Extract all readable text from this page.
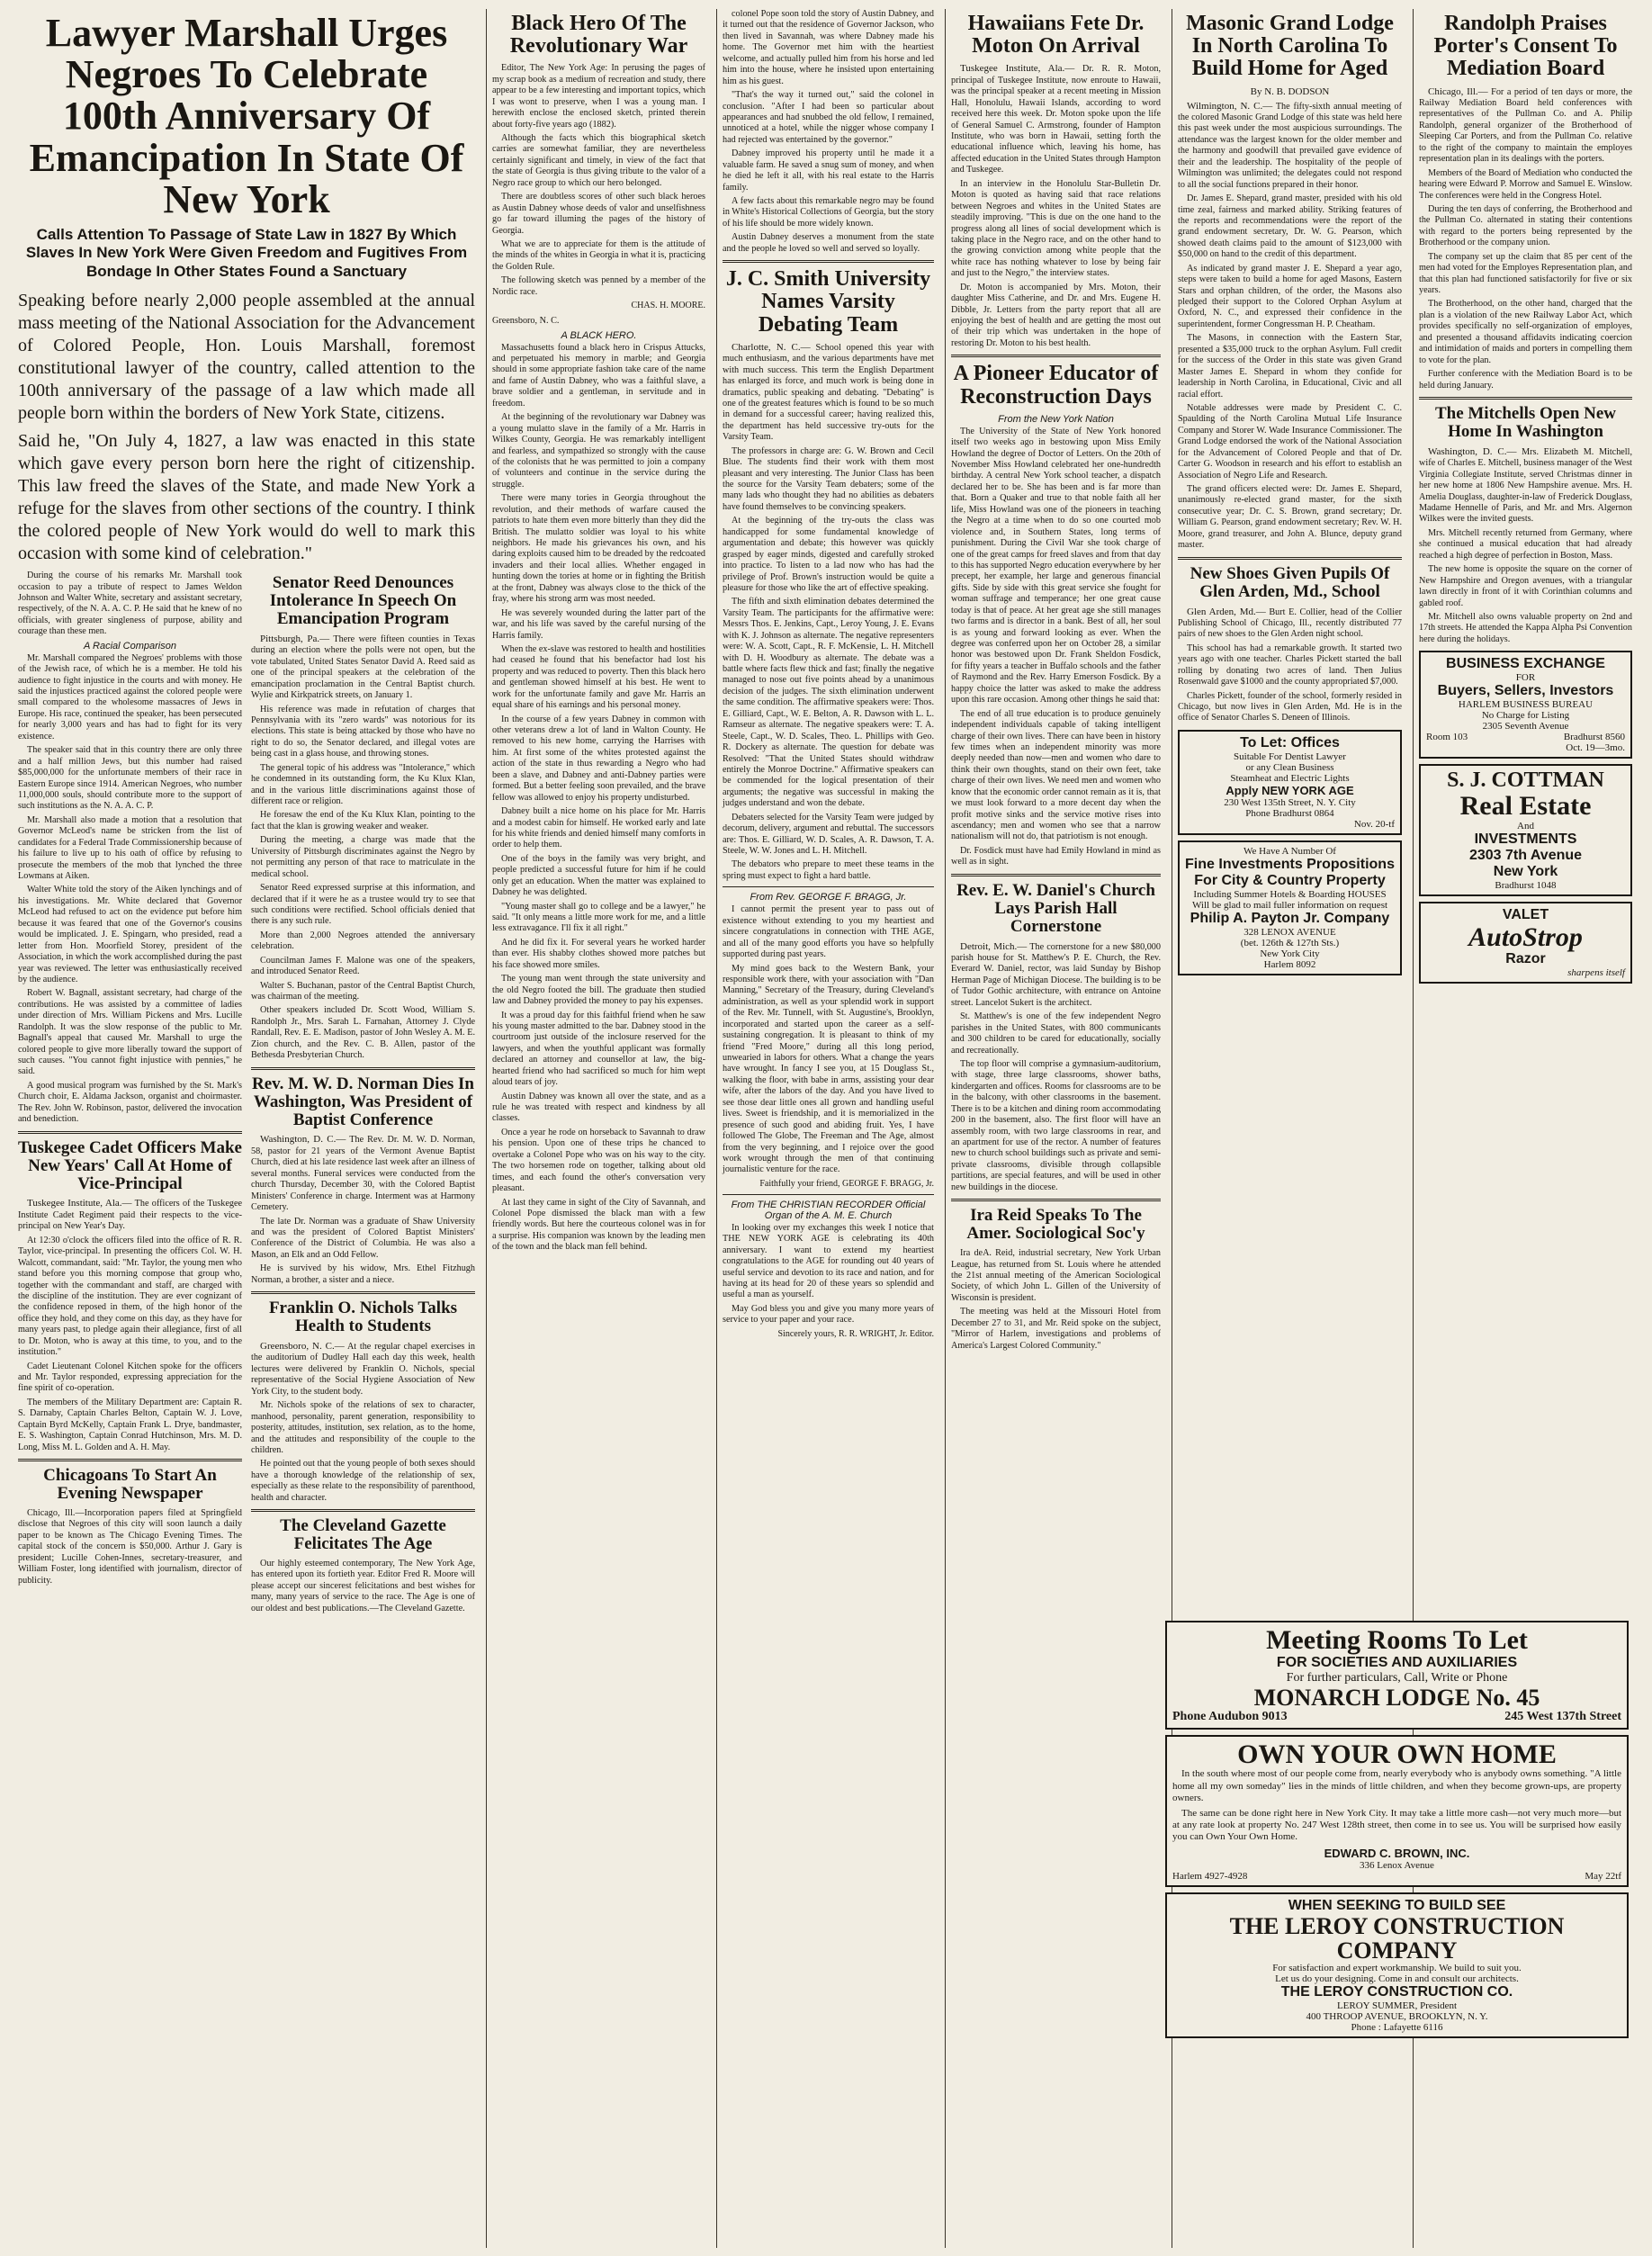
Lawyer Marshall Urges Negroes To Celebrate 100th Anniversary Of Emancipation In State Of New York
Calls Attention To Passage of State Law in 1827 By Which Slaves In New York Were Given Freedom and Fugitives From Bondage In Other States Found a Sanctuary

Speaking before nearly 2,000 people assembled at the annual mass meeting of the National Association for the Advancement of Colored People, Hon. Louis Marshall, foremost constitutional lawyer of the country, called attention to the 100th anniversary of the passage of a law which made all people born within the borders of New York State, citizens.

Said he, "On July 4, 1827, a law was enacted in this state which gave every person born here the right of citizenship. This law freed the slaves of the State, and made New York a refuge for the slaves from other sections of the country. I think the colored people of New York would do well to mark this occasion with some kind of celebration."

During the course of his remarks Mr. Marshall took occasion to pay a tribute of respect to James Weldon Johnson and Walter White, secretary and assistant secretary, respectively, of the N. A. A. C. P. He said that he knew of no officials, with greater singleness of purpose, ability and courage than these men.

A Racial Comparison

Mr. Marshall compared the Negroes' problems with those of the Jewish race, of which he is a member. He told his audience to fight injustice in the courts and with money. He said the injustices practiced against the colored people were small compared to the wholesome massacres of Jews in Europe. His race, continued the speaker, has been persecuted for nearly 3,000 years and has had to fight for its very existence.

The speaker said that in this country there are only three and a half million Jews, but this number had raised $85,000,000 for the unfortunate members of their race in Eastern Europe since 1914. American Negroes, who number 11,000,000 souls, should contribute more to the support of such institutions as the N. A. A. C. P.

Mr. Marshall also made a motion that a resolution that Governor McLeod's name be stricken from the list of candidates for a Federal Trade Commissionership because of his failure to live up to his oath of office by refusing to prosecute the members of the mob that lynched the three Lowmans at Aiken.

Walter White told the story of the Aiken lynchings and of his investigations. Mr. White declared that Governor McLeod had refused to act on the evidence put before him because it was feared that one of the Governor's cousins would be implicated. J. E. Spingarn, who presided, read a letter from Hon. Moorfield Storey, president of the Association, in which the work accomplished during the past year was reviewed. The letter was enthusiastically received by the audience.

Robert W. Bagnall, assistant secretary, had charge of the contributions. He was assisted by a committee of ladies under direction of Mrs. William Pickens and Mrs. Lucille Randolph. It was the slow response of the public to Mr. Bagnall's appeal that caused Mr. Marshall to urge the colored people to give more liberally toward the support of such causes. "You cannot fight injustice with pennies," he said.

A good musical program was furnished by the St. Mark's Church choir, E. Aldama Jackson, organist and choirmaster. The Rev. John W. Robinson, pastor, delivered the invocation and benediction.

Tuskegee Cadet Officers Make New Years' Call At Home of Vice-Principal

Tuskegee Institute, Ala.— The officers of the Tuskegee Institute Cadet Regiment paid their respects to the vice-principal on New Year's Day.

At 12:30 o'clock the officers filed into the office of R. R. Taylor, vice-principal. In presenting the officers Col. W. H. Walcott, commandant, said: "Mr. Taylor, the young men who stand before you this morning compose that group who, together with the commandant and staff, are charged with the discipline of the institution. They are ever cognizant of the confidence reposed in them, of the high honor of the office they hold, and they come on this day, as they have for many years past, to pledge again their allegiance, first of all to Dr. Moton, who is away at this time, to you, and to the institution."

Cadet Lieutenant Colonel Kitchen spoke for the officers and Mr. Taylor responded, expressing appreciation for the fine spirit of co-operation.

The members of the Military Department are: Captain R. S. Darnaby, Captain Charles Belton, Captain W. J. Love, Captain Byrd McKelly, Captain Frank L. Drye, bandmaster, E. S. Washington, Captain Conrad Hutchinson, Mrs. M. D. Long, Miss M. L. Golden and A. H. May.

Chicagoans To Start An Evening Newspaper

Chicago, Ill.—Incorporation papers filed at Springfield disclose that Negroes of this city will soon launch a daily paper to be known as The Chicago Evening Times. The capital stock of the concern is $50,000. Arthur J. Gary is president; Lucille Cohen-Innes, secretary-treasurer, and William Foster, long identified with journalism, director of publicity.

Senator Reed Denounces Intolerance In Speech On Emancipation Program

Pittsburgh, Pa.— There were fifteen counties in Texas during an election where the polls were not open, but the vote tabulated, United States Senator David A. Reed said as one of the principal speakers at the celebration of the emancipation proclamation in the Central Baptist church. Wylie and Kirkpatrick streets, on January 1.

His reference was made in refutation of charges that Pennsylvania with its "zero wards" was notorious for its elections. This state is being attacked by those who have no right to do so, the Senator declared, and illegal votes are being cast in a glass house, and throwing stones.

The general topic of his address was "Intolerance," which he condemned in its outstanding form, the Ku Klux Klan, and in the various little discriminations against those of different race or religion.

He foresaw the end of the Ku Klux Klan, pointing to the fact that the klan is growing weaker and weaker.

During the meeting, a charge was made that the University of Pittsburgh discriminates against the Negro by not permitting any person of that race to matriculate in the medical school.

Senator Reed expressed surprise at this information, and declared that if it were he as a trustee would try to see that such conditions were rectified. School officials denied that there is any such rule.

More than 2,000 Negroes attended the anniversary celebration.

Councilman James F. Malone was one of the speakers, and introduced Senator Reed.

Walter S. Buchanan, pastor of the Central Baptist Church, was chairman of the meeting.

Other speakers included Dr. Scott Wood, William S. Randolph Jr., Mrs. Sarah L. Farnahan, Attorney J. Clyde Randall, Rev. E. E. Madison, pastor of John Wesley A. M. E. Zion church, and the Rev. C. B. Allen, pastor of the Bethesda Presbyterian Church.

Rev. M. W. D. Norman Dies In Washington, Was President of Baptist Conference

Washington, D. C.— The Rev. Dr. M. W. D. Norman, 58, pastor for 21 years of the Vermont Avenue Baptist Church, died at his late residence last week after an illness of several months. Funeral services were conducted from the church Thursday, December 30, with the Colored Baptist Ministers' Conference in charge. Interment was at Harmony Cemetery.

The late Dr. Norman was a graduate of Shaw University and was the president of Colored Baptist Ministers' Conference of the District of Columbia. He was also a Mason, an Elk and an Odd Fellow.

He is survived by his widow, Mrs. Ethel Fitzhugh Norman, a brother, a sister and a niece.

Franklin O. Nichols Talks Health to Students

Greensboro, N. C.— At the regular chapel exercises in the auditorium of Dudley Hall each day this week, health lectures were delivered by Franklin O. Nichols, special representative of the Social Hygiene Association of New York City, to the student body.

Mr. Nichols spoke of the relations of sex to character, manhood, personality, parent generation, responsibility to posterity, attitudes, institution, sex relation, as to the home, and the attitudes and responsibility of the couple to the children.

He pointed out that the young people of both sexes should have a thorough knowledge of the relationship of sex, especially as these relate to the responsibility of parenthood, health and character.

The Cleveland Gazette Felicitates The Age

Our highly esteemed contemporary, The New York Age, has entered upon its fortieth year. Editor Fred R. Moore will please accept our sincerest felicitations and best wishes for many, many years of service to the race. The Age is one of our oldest and best publications.—The Cleveland Gazette.

Black Hero Of The Revolutionary War

Editor, The New York Age: In perusing the pages of my scrap book as a medium of recreation and study, there appear to be a few interesting and important topics, which I was wont to preserve, when I was a young man. I herewith enclose the enclosed sketch, printed therein about forty-five years ago (1882).

Although the facts which this biographical sketch carries are somewhat familiar, they are nevertheless certainly significant and timely, in view of the fact that the state of Georgia is thus giving tribute to the valor of a Negro race group to which our hero belonged.

There are doubtless scores of other such black heroes as Austin Dabney whose deeds of valor and unselfishness go far toward illuming the pages of the history of Georgia.

What we are to appreciate for them is the attitude of the minds of the whites in Georgia in what it is, practicing the Golden Rule.

The following sketch was penned by a member of the Nordic race.

CHAS. H. MOORE.

Greensboro, N. C.

A BLACK HERO.

Massachusetts found a black hero in Crispus Attucks, and perpetuated his memory in marble; and Georgia should in some appropriate fashion take care of the name and fame of Austin Dabney, who was a faithful slave, a brave soldier and a gentleman, in servitude and in freedom.

At the beginning of the revolutionary war Dabney was a young mulatto slave in the family of a Mr. Harris in Wilkes County, Georgia. He was remarkably intelligent and fearless, and sympathized so strongly with the cause of the colonists that he was permitted to join a company of volunteers and continue in the service during the struggle.

There were many tories in Georgia throughout the revolution, and their methods of warfare caused the patriots to hate them even more bitterly than they did the British. The mulatto soldier was loyal to his white neighbors. He made his grievances his own, and his daring exploits caused him to be dreaded by the redcoated invaders and their local allies. Whether engaged in hunting down the tories at home or in fighting the British at the front, Dabney was always close to the thick of the fray, where his strong arm was most needed.

He was severely wounded during the latter part of the war, and his life was saved by the careful nursing of the Harris family.

When the ex-slave was restored to health and hostilities had ceased he found that his benefactor had lost his property and was reduced to poverty. Then this black hero and gentleman showed himself at his best. He went to work for the unfortunate family and gave Mr. Harris an equal share of his earnings and his personal money.

In the course of a few years Dabney in common with other veterans drew a lot of land in Walton County. He removed to his new home, carrying the Harrises with him. At first some of the whites protested against the action of the state in thus rewarding a Negro who had been a slave, and Dabney and anti-Dabney parties were formed. But a better feeling soon prevailed, and the brave fellow was allowed to enjoy his property undisturbed.

Dabney built a nice home on his place for Mr. Harris and a modest cabin for himself. He worked early and late for his white friends and denied himself many comforts in order to help them.

One of the boys in the family was very bright, and people predicted a successful future for him if he could only get an education. When the matter was explained to Dabney he was delighted.

"Young master shall go to college and be a lawyer," he said. "It only means a little more work for me, and a little less extravagance. I'll fix it all right."

And he did fix it. For several years he worked harder than ever. His shabby clothes showed more patches but his face showed more smiles.

The young man went through the state university and the old Negro footed the bill. The graduate then studied law and Dabney provided the money to pay his expenses.

It was a proud day for this faithful friend when he saw his young master admitted to the bar. Dabney stood in the courtroom just outside of the inclosure reserved for the lawyers, and when the youthful applicant was formally declared an attorney and counsellor at law, the big-hearted friend who had sacrificed so much for him wept aloud tears of joy.

Austin Dabney was known all over the state, and as a rule he was treated with respect and kindness by all classes.

Once a year he rode on horseback to Savannah to draw his pension. Upon one of these trips he chanced to overtake a Colonel Pope who was on his way to the city. The two horsemen rode on together, talking about old times, and each found the other's conversation very pleasant.

At last they came in sight of the City of Savannah, and Colonel Pope dismissed the black man with a few friendly words. But here the courteous colonel was in for a surprise. His companion was known by the leading men of the town and the black man fell behind.

colonel Pope soon told the story of Austin Dabney, and it turned out that the residence of Governor Jackson, who then lived in Savannah, was where Dabney made his home. The Governor met him with the heartiest welcome, and actually pulled him from his horse and led him into the house, where he insisted upon entertaining him as his guest.

"That's the way it turned out," said the colonel in conclusion. "After I had been so particular about appearances and had snubbed the old fellow, I remained, unnoticed at a hotel, while the nigger whose company I had rejected was entertained by the governor."

Dabney improved his property until he made it a valuable farm. He saved a snug sum of money, and when he died he left it all, with his real estate to the Harris family.

A few facts about this remarkable negro may be found in White's Historical Collections of Georgia, but the story of his life should be more widely known.

Austin Dabney deserves a monument from the state and the people he loved so well and served so loyally.

J. C. Smith University Names Varsity Debating Team

Charlotte, N. C.— School opened this year with much enthusiasm, and the various departments have met with much success. This term the English Department has enlarged its force, and much work is being done in dramatics, public speaking and debating. "Debating" is one of the greatest features which is found to be so much in demand for a successful career; having realized this, the department has held successive try-outs for the Varsity Team.

The professors in charge are: G. W. Brown and Cecil Blue. The students find their work with them most pleasant and very interesting. The Junior Class has been the source for the Varsity Team debaters; some of the many lads who thought they had no abilities as debaters have found themselves to be convincing speakers.

At the beginning of the try-outs the class was handicapped for some fundamental knowledge of argumentation and debate; this however was quickly grasped by eager minds, digested and carefully stroked into practice. To listen to a lad now who has had the privilege of Prof. Brown's instruction would be quite a pleasure for those who like the art of effective speaking.

The fifth and sixth elimination debates determined the Varsity Team. The participants for the affirmative were: Messrs Thos. E. Jenkins, Capt., Leroy Young, J. E. Evans with K. J. Johnson as alternate. The negative representers were: W. A. Scott, Capt., R. F. McKensie, L. H. Mitchell with D. H. Woodbury as alternate. The debate was a battle where facts flew thick and fast; finally the negative managed to nose out five points ahead by a unanimous decision of the judges. The sixth elimination underwent the same condition. The affirmative speakers were: Thos. E. Gilliard, Capt., W. E. Belton, A. R. Dawson with L. L. Ramseur as alternate. The negative speakers were: T. A. Steele, Capt., W. D. Scales, Theo. L. Phillips with Geo. R. Dockery as alternate. The question for debate was Resolved: "That the United States should withdraw entirely the Monroe Doctrine." Affirmative speakers can be commended for the logical presentation of their arguments; the negative was successful in making the judges understand and won the debate.

Debaters selected for the Varsity Team were judged by decorum, delivery, argument and rebuttal. The successors are: Thos. E. Gilliard, W. D. Scales, A. R. Dawson, T. A. Steele, W. W. Jones and L. H. Mitchell.

The debators who prepare to meet these teams in the spring must expect to fight a hard battle.

From Rev. GEORGE F. BRAGG, Jr.

I cannot permit the present year to pass out of existence without extending to you my heartiest and sincere congratulations in connection with THE AGE, and all of the many good efforts you have so helpfully supported during past years.

My mind goes back to the Western Bank, your responsible work there, with your association with "Dan Manning," Secretary of the Treasury, during Cleveland's administration, as well as your splendid work in support of the Rev. Mr. Tunnell, with St. Augustine's, Brooklyn, incorporated and started upon the career as a self-sustaining congregation. It is pleasant to think of my friend "Fred Moore," during all this long period, unwearied in labors for others. What a change the years have wrought. In fancy I see you, at 15 Douglass St., walking the floor, with babe in arms, assisting your dear wife, after the labors of the day. And you have lived to see those dear little ones all grown and handling useful lives. Sweet is friendship, and it is memorialized in the presence of such good and abiding fruit. Yes, I have followed The Globe, The Freeman and The Age, almost from the very beginning, and I rejoice over the good work wrought through the men of that continuing journalistic venture for the race.

Faithfully your friend, GEORGE F. BRAGG, Jr.
From THE CHRISTIAN RECORDER Official Organ of the A. M. E. Church

In looking over my exchanges this week I notice that THE NEW YORK AGE is celebrating its 40th anniversary. I want to extend my heartiest congratulations to the AGE for rounding out 40 years of useful service and devotion to its race and nation, and for having at its head for 20 of these years so splendid and useful a man as yourself.

May God bless you and give you many more years of service to your paper and your race.

Sincerely yours, R. R. WRIGHT, Jr. Editor.
Hawaiians Fete Dr. Moton On Arrival

Tuskegee Institute, Ala.— Dr. R. R. Moton, principal of Tuskegee Institute, now enroute to Hawaii, was the principal speaker at a recent meeting in Mission Hall, Honolulu, Hawaii Islands, according to word received here this week. Dr. Moton spoke upon the life of General Samuel C. Armstrong, founder of Hampton Institute, who was born in Hawaii, setting forth the educational influence which, leaving his home, has affected education in the United States through Hampton and Tuskegee.

In an interview in the Honolulu Star-Bulletin Dr. Moton is quoted as having said that race relations between Negroes and whites in the United States are steadily improving. "This is due on the one hand to the progress along all lines of social development which is taking place in the Negro race, and on the other hand to the growing conviction among white people that the white race has nothing whatever to lose by being fair and just to the Negro," the interview states.

Dr. Moton is accompanied by Mrs. Moton, their daughter Miss Catherine, and Dr. and Mrs. Eugene H. Dibble, Jr. Letters from the party report that all are enjoying the best of health and are getting the most out of their trip which was undertaken in the hope of restoring Dr. Moton to his best health.

A Pioneer Educator of Reconstruction Days
From the New York Nation

The University of the State of New York honored itself two weeks ago in bestowing upon Miss Emily Howland the degree of Doctor of Letters. On the 20th of November Miss Howland celebrated her one-hundredth birthday. A central New York school teacher, a dispatch declared her to be. She has been and is far more than that. Born a Quaker and true to that noble faith all her life, Miss Howland was one of the pioneers in teaching the Negro at a time when to do so one courted mob violence and, in Southern States, long terms of punishment. During the Civil War she took charge of one of the great camps for freed slaves and from that day to this has supported Negro education everywhere by her precept, her example, her large and generous financial gifts. Side by side with this great service she fought for woman suffrage and temperance; her one great cause today is that of peace. At her great age she still manages two farms and is director in a bank. Best of all, her soul is as young and forward looking as ever. When the degree was conferred upon her on October 28, a similar honor was bestowed upon Dr. Frank Sheldon Fosdick, for fifty years a teacher in Buffalo schools and the father of Raymond and the Rev. Harry Emerson Fosdick. By a happy choice the latter was asked to make the address upon this rare occasion. Among other things he said that:

The end of all true education is to produce genuinely independent individuals capable of taking intelligent charge of their own lives. There can have been in history few times when an independent minority was more deeply needed than now—men and women who dare to think their own thoughts, stand on their own feet, take charge of their own lives. We need men and women who know that the economic order cannot remain as it is, that we must look forward to a more decent day when the profit motive sinks and the service motive rises into ascendancy; men and women who see that a narrow nationalism will not do, that patriotism is not enough.

Dr. Fosdick must have had Emily Howland in mind as well as in sight.

Rev. E. W. Daniel's Church Lays Parish Hall Cornerstone

Detroit, Mich.— The cornerstone for a new $80,000 parish house for St. Matthew's P. E. Church, the Rev. Everard W. Daniel, rector, was laid Sunday by Bishop Herman Page of Michigan Diocese. The building is to be of Tudor Gothic architecture, with entrance on Antoine street. Lancelot Sukert is the architect.

St. Matthew's is one of the few independent Negro parishes in the United States, with 800 communicants and 300 children to be cared for educationally, socially and recreationally.

The top floor will comprise a gymnasium-auditorium, with stage, three large classrooms, shower baths, kindergarten and offices. Rooms for classrooms are to be in the balcony, with other classrooms in the basement. There is to be a kitchen and dining room accommodating 200 in the basement, also. The first floor will have an assembly room, with two large classrooms in rear, and an apartment for use of the rector. A number of features new to church school buildings such as private and semi-private classrooms, divisible through collapsible partitions, are special features, and will be used in other new buildings in the diocese.

Ira Reid Speaks To The Amer. Sociological Soc'y

Ira deA. Reid, industrial secretary, New York Urban League, has returned from St. Louis where he attended the 21st annual meeting of the American Sociological Society, of which John L. Gillen of the University of Wisconsin is president.

The meeting was held at the Missouri Hotel from December 27 to 31, and Mr. Reid spoke on the subject, "Mirror of Harlem, investigations and problems of America's Largest Colored Community."

Masonic Grand Lodge In North Carolina To Build Home for Aged
By N. B. DODSON

Wilmington, N. C.— The fifty-sixth annual meeting of the colored Masonic Grand Lodge of this state was held here this past week under the most auspicious surroundings. The attendance was the largest known for the older member and the harmony and goodwill that prevailed gave evidence of their and the leadership. The hospitality of the people of Wilmington was unlimited; the delegates could not respond to all the social functions prepared in their honor.

Dr. James E. Shepard, grand master, presided with his old time zeal, fairness and marked ability. Striking features of the reports and recommendations were the report of the grand endowment secretary, Dr. W. G. Pearson, which showed death claims paid to the amount of $123,000 with $50,000 on hand to the credit of this department.

As indicated by grand master J. E. Shepard a year ago, steps were taken to build a home for aged Masons, Eastern Stars and orphan children, of the order, the Masons also pledged their support to the Colored Orphan Asylum at Oxford, N. C., and expressed their confidence in the superintendent, former Congressman H. P. Cheatham.

The Masons, in connection with the Eastern Star, presented a $35,000 truck to the orphan Asylum. Full credit for the success of the Order in this state was given Grand Master James E. Shepard in whom they confide for leadership in North Carolina, in Educational, Civic and all racial effort.

Notable addresses were made by President C. C. Spaulding of the North Carolina Mutual Life Insurance Company and Storer W. Wade Insurance Commissioner. The Grand Lodge endorsed the work of the National Association for the Advancement of Colored People and that of Dr. Carter G. Woodson in research and his effort to establish an Association of Negro Life and Research.

The grand officers elected were: Dr. James E. Shepard, unanimously re-elected grand master, for the sixth consecutive year; Dr. C. S. Brown, grand secretary; Dr. William G. Pearson, grand endowment secretary; Rev. W. H. Moore, grand treasurer, and John A. Blunce, deputy grand master.

New Shoes Given Pupils Of Glen Arden, Md., School

Glen Arden, Md.— Burt E. Collier, head of the Collier Publishing School of Chicago, Ill., recently distributed 77 pairs of new shoes to the Glen Arden night school.

This school has had a remarkable growth. It started two years ago with one teacher. Charles Pickett started the ball rolling by donating two acres of land. Then Julius Rosenwald gave $1000 and the county appropriated $7,000.

Charles Pickett, founder of the school, formerly resided in Chicago, but now lives in Glen Arden, Md. He is in the office of Senator Charles S. Deneen of Illinois.

To Let: Offices
Suitable For Dentist Lawyer
or any Clean Business
Steamheat and Electric Lights
Apply NEW YORK AGE
230 West 135th Street, N. Y. City
Phone Bradhurst 0864
Nov. 20-tf
We Have A Number Of
Fine Investments Propositions For City & Country Property
Including Summer Hotels & Boarding HOUSES
Will be glad to mail fuller information on request
Philip A. Payton Jr. Company
328 LENOX AVENUE
(bet. 126th & 127th Sts.)
New York City
Harlem 8092
Randolph Praises Porter's Consent To Mediation Board

Chicago, Ill.— For a period of ten days or more, the Railway Mediation Board held conferences with representatives of the Pullman Co. and A. Philip Randolph, general organizer of the Brotherhood of Sleeping Car Porters, and from the Pullman Co. relative to the right of the company to maintain the employes representation plan in its dealings with the porters.

Members of the Board of Mediation who conducted the hearing were Edward P. Morrow and Samuel E. Winslow. The conferences were held in the Congress Hotel.

During the ten days of conferring, the Brotherhood and the Pullman Co. alternated in stating their contentions with regard to the porters being represented by the Brotherhood or the company union.

The company set up the claim that 85 per cent of the men had voted for the Employes Representation plan, and that this plan had functioned satisfactorily for five or six years.

The Brotherhood, on the other hand, charged that the plan is a violation of the new Railway Labor Act, which provides specifically no self-organization of employes, and presented a thousand affidavits indicating coercion and intimidation of maids and porters in compelling them to vote for the plan.

Further conference with the Mediation Board is to be held during January.

The Mitchells Open New Home In Washington

Washington, D. C.— Mrs. Elizabeth M. Mitchell, wife of Charles E. Mitchell, business manager of the West Virginia Collegiate Institute, served Christmas dinner in her new home at 1806 New Hampshire avenue. Mrs. H. Amelia Douglass, daughter-in-law of Frederick Douglass, Madame Hennelle of Paris, and Mr. and Mrs. Algernon Wilkes were the invited guests.

Mrs. Mitchell recently returned from Germany, where she continued a musical education that had already reached a high degree of perfection in Boston, Mass.

The new home is opposite the square on the corner of New Hampshire and Oregon avenues, with a triangular lawn directly in front of it with Corinthian columns and gabled roof.

Mr. Mitchell also owns valuable property on 2nd and 17th streets. He attended the Kappa Alpha Psi Convention here during the holidays.

BUSINESS EXCHANGE
FOR
Buyers, Sellers, Investors
HARLEM BUSINESS BUREAU
No Charge for Listing
2305 Seventh Avenue
Room 103	Bradhurst 8560
Oct. 19—3mo.
S. J. COTTMAN
Real Estate
And
INVESTMENTS
2303 7th Avenue
New York
Bradhurst 1048
VALET
AutoStrop
Razor
sharpens itself
Meeting Rooms To Let
FOR SOCIETIES AND AUXILIARIES
For further particulars, Call, Write or Phone
MONARCH LODGE No. 45
Phone Audubon 9013	245 West 137th Street
OWN YOUR OWN HOME

In the south where most of our people come from, nearly everybody who is anybody owns something. "A little home all my own someday" lies in the minds of little children, and when they become grown-ups, are property owners.

The same can be done right here in New York City. It may take a little more cash—not very much more—but at any rate look at property No. 247 West 128th street, then come in to see us. You will be surprised how easily you can Own Your Own Home.

EDWARD C. BROWN, INC.
336 Lenox Avenue
Harlem 4927-4928	May 22tf
WHEN SEEKING TO BUILD SEE
THE LEROY CONSTRUCTION COMPANY
For satisfaction and expert workmanship. We build to suit you.
Let us do your designing. Come in and consult our architects.
THE LEROY CONSTRUCTION CO.
LEROY SUMMER, President
400 THROOP AVENUE, BROOKLYN, N. Y.
Phone : Lafayette 6116
